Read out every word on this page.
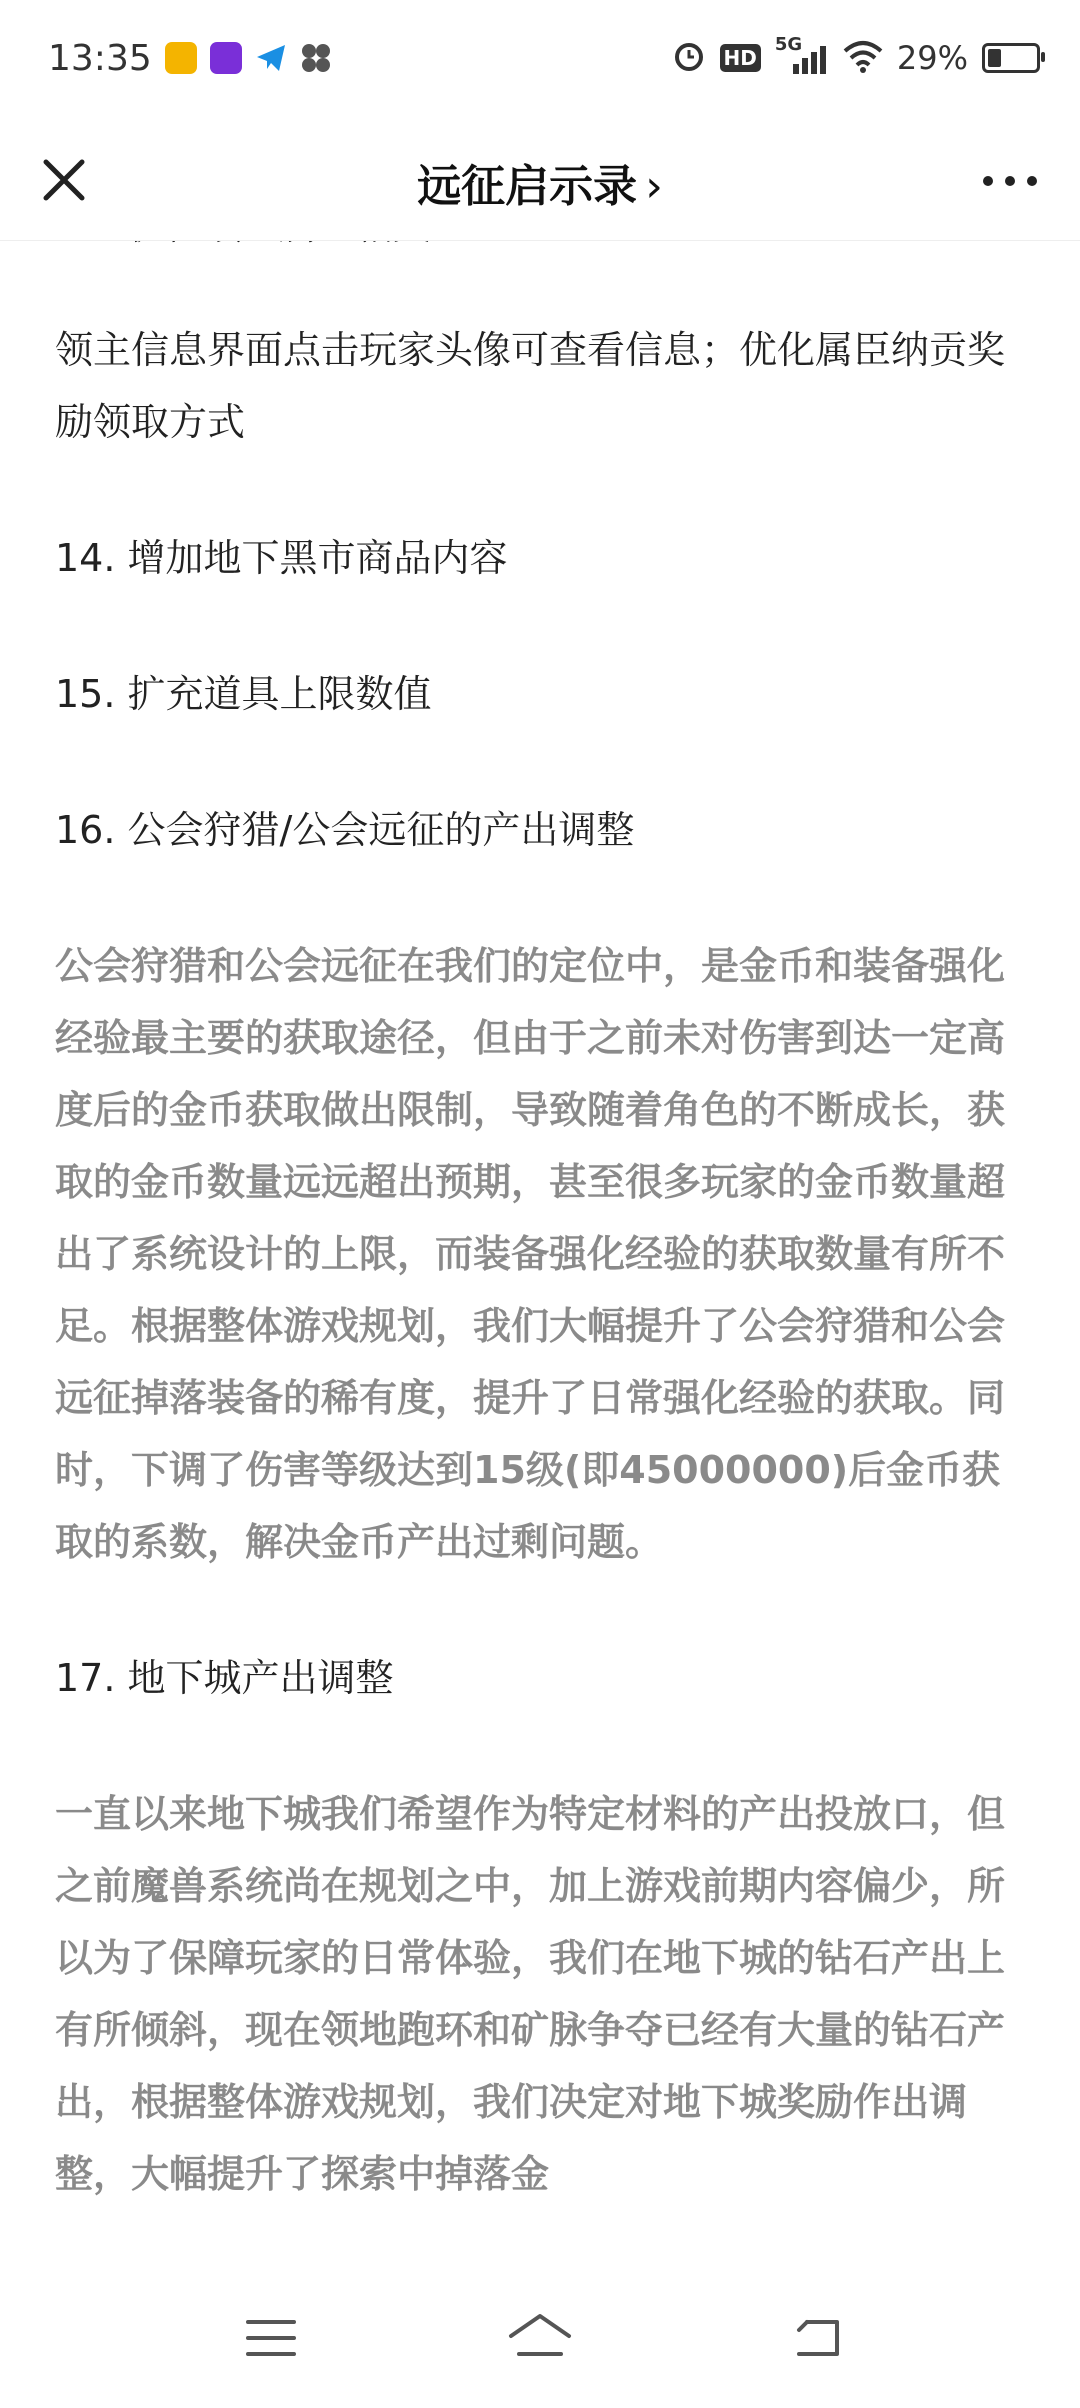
13:35	HD
5G	29%
远征启示录 ›

领主信息界面点击玩家头像可查看信息；优化属臣纳贡奖励领取方式

14. 增加地下黑市商品内容

15. 扩充道具上限数值

16. 公会狩猎/公会远征的产出调整

公会狩猎和公会远征在我们的定位中，是金币和装备强化经验最主要的获取途径，但由于之前未对伤害到达一定高度后的金币获取做出限制，导致随着角色的不断成长，获取的金币数量远远超出预期，甚至很多玩家的金币数量超出了系统设计的上限，而装备强化经验的获取数量有所不足。根据整体游戏规划，我们大幅提升了公会狩猎和公会远征掉落装备的稀有度，提升了日常强化经验的获取。同时，下调了伤害等级达到15级(即45000000)后金币获取的系数，解决金币产出过剩问题。

17. 地下城产出调整

一直以来地下城我们希望作为特定材料的产出投放口，但之前魔兽系统尚在规划之中，加上游戏前期内容偏少，所以为了保障玩家的日常体验，我们在地下城的钻石产出上有所倾斜，现在领地跑环和矿脉争夺已经有大量的钻石产出，根据整体游戏规划，我们决定对地下城奖励作出调整，大幅提升了探索中掉落金
